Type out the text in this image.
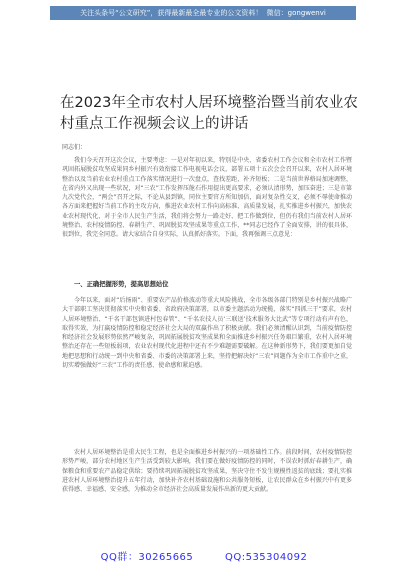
关注头条号“公文研究”，获得最新最全最专业的公文资料！ 微信：gongwenvi
在2023年全市农村人居环境整治暨当前农业农村重点工作视频会议上的讲话
同志们：

我们今天召开这次会议，主要考虑：一是对年初以来，特别是中央、省委农村工作会议和全市农村工作暨巩固拓展脱贫攻坚成果同乡村振兴有效衔接工作电视电话会议，部署五项十五次会会召开以来，农村人居环境整治以及当前农业农村重点工作落实情况进行一次盘点，查找差距，补齐短板；二是当前世界格局加速调整，在省内外又出现一些状况，对“三农”工作发挥压舱石作用提出更高要求，必须认清形势，加压奋进；三是市第九次党代会，“两会”召开之际，不论从县到镇，同位主要官方所知加倍，面对复杂性交叉，必须不辱使命推动各方面来把握好当前工作的主攻方向，推进农业农村工作向高标准、高质量发展，扎实推进乡村振兴，加快农业农村现代化，对于全市人民生产生活，我们将会努力一路走好、把工作做到位，但仍有我们当前农村人居环境整治、农村疫情防控、春耕生产、巩固脱贫攻坚成果等重点工作，**同志已经作了全面安排，讲的很具体，很到位，我完全同意。请大家结合自身实际，认真抓好落实。下面，我再强调三点意见：

一、正确把握形势，提高思想站位

今年以来，面对“后扬雨”、重要农产品价格波动等重大风险挑战，全市各级各部门特别是乡村振兴战略广大干部职工坚决贯彻落实中央和省委、省政府决策部署，以市委主题活动为统揽，落实“四抓三干”要求，农村人居环境整治、“千名干部包镇进村包春管”、“千名农技人员‘三联送’技术服务大比武”等专项行动有声有色，取得实效，为打赢疫情防控和稳定经济社会大局的双赢作出了积极贡献。我们必须清醒认识到，当前疫情防控和经济社会发展形势依然严峻复杂，巩固拓展脱贫攻坚成果和全面推进乡村振兴任务艰巨繁重，农村人居环境整治还存在一些短板弱项，农业农村现代化进程中还有不少难题需要破解。在这种新形势下，我们要更加自觉地把思想和行动统一到中央和省委、市委的决策部署上来，坚持把解决好“三农”问题作为全市工作重中之重，切实增强做好“三农”工作的责任感、使命感和紧迫感。

农村人居环境整治是重大民生工程，也是全面推进乡村振兴的一项基础性工作。前段时间，农村疫情防控形势严峻，部分农村地区生产生活受到较大影响，我们要在做好疫情防控的同时，不误农时抓好春耕生产，确保粮食和重要农产品稳定供给；要持续巩固拓展脱贫攻坚成果，坚决守住不发生规模性返贫的底线；要扎实推进农村人居环境整治提升五年行动，加快补齐农村基础设施和公共服务短板，让农民群众在乡村振兴中有更多获得感、幸福感、安全感，为推动全市经济社会高质量发展作出新的更大贡献。

QQ群：30265665	QQ:535304092
